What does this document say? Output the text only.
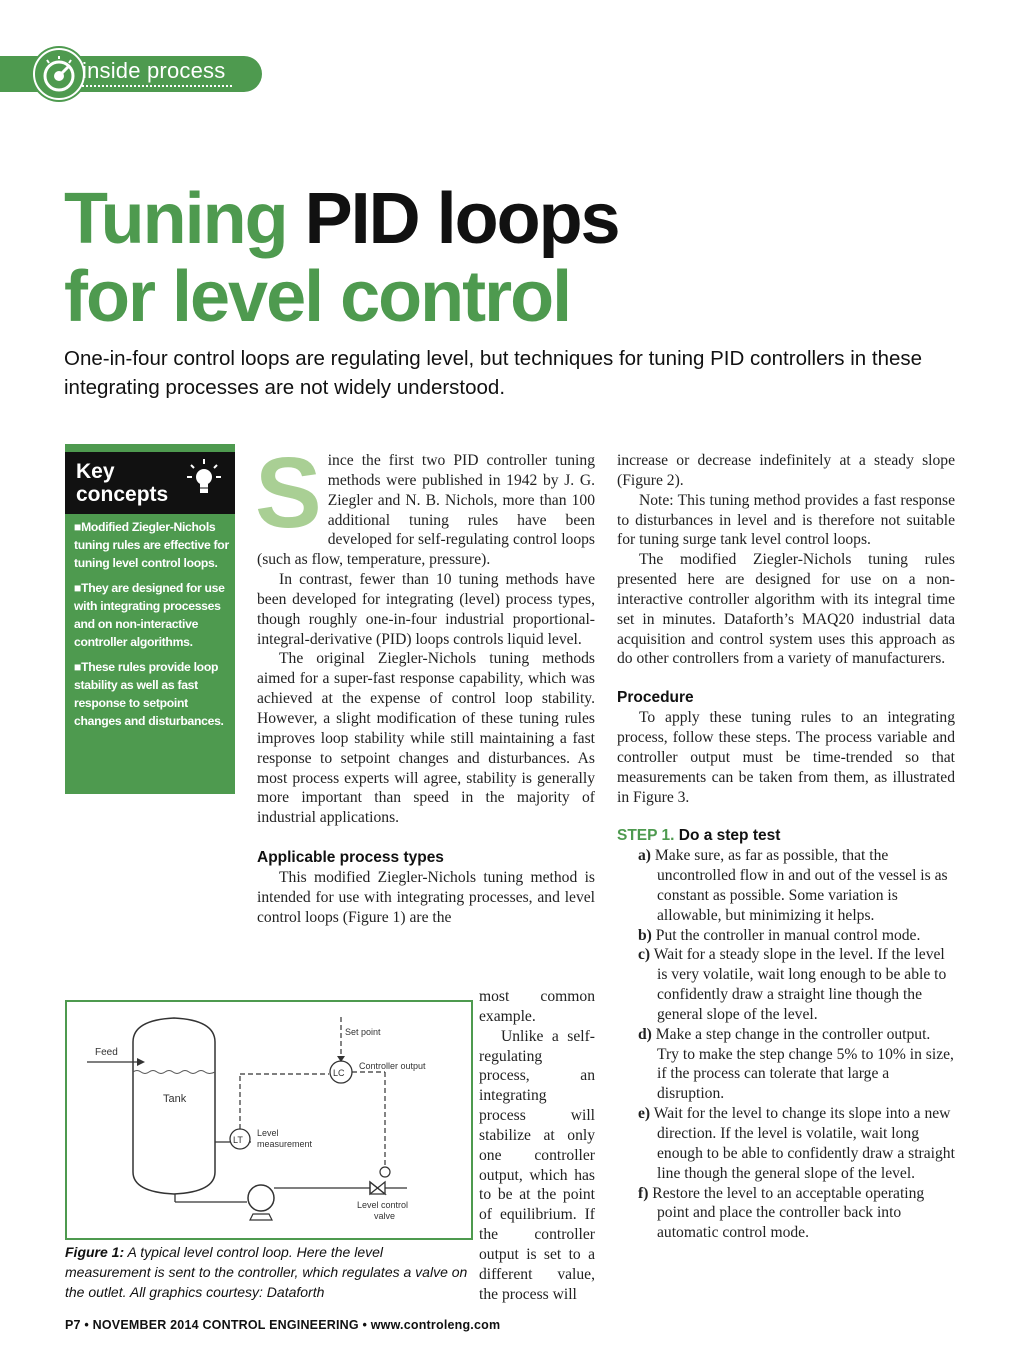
inside process
Tuning PID loops
for level control

One-in-four control loops are regulating level, but techniques for tuning PID controllers in these integrating processes are not widely understood.

Key
concepts

■ Modified Ziegler-Nichols tuning rules are effective for tuning level control loops.
■ They are designed for use with integrating processes and on non-interactive controller algorithms.
■ These rules provide loop stability as well as fast response to setpoint changes and disturbances.

Since the first two PID controller tuning methods were published in 1942 by J. G. Ziegler and N. B. Nichols, more than 100 additional tuning rules have been developed for self-regulating control loops (such as flow, temperature, pressure).

In contrast, fewer than 10 tuning methods have been developed for integrating (level) process types, though roughly one-in-four industrial proportional-integral-derivative (PID) loops controls liquid level.

The original Ziegler-Nichols tuning methods aimed for a super-fast response capability, which was achieved at the expense of control loop stability. However, a slight modification of these tuning rules improves loop stability while still maintaining a fast response to setpoint changes and disturbances. As most process experts will agree, stability is generally more important than speed in the majority of industrial applications.

Applicable process types

This modified Ziegler-Nichols tuning method is intended for use with integrating processes, and level control loops (Figure 1) are the

most common example.

Unlike a self-regulating process, an integrating process will stabilize at only one controller output, which has to be at the point of equilibrium. If the controller output is set to a different value, the process will

Tank
Feed
Level control
valve
LT
Level
measurement
LC
Set point
Controller output

Figure 1: A typical level control loop. Here the level measurement is sent to the controller, which regulates a valve on the outlet. All graphics courtesy: Dataforth

increase or decrease indefinitely at a steady slope (Figure 2).

Note: This tuning method provides a fast response to disturbances in level and is therefore not suitable for tuning surge tank level control loops.

The modified Ziegler-Nichols tuning rules presented here are designed for use on a non-interactive controller algorithm with its integral time set in minutes. Dataforth’s MAQ20 industrial data acquisition and control system uses this approach as do other controllers from a variety of manufacturers.

Procedure

To apply these tuning rules to an integrating process, follow these steps. The process variable and controller output must be time-trended so that measurements can be taken from them, as illustrated in Figure 3.

STEP 1. Do a step test

a) Make sure, as far as possible, that the uncontrolled flow in and out of the vessel is as constant as possible. Some variation is allowable, but minimizing it helps.
b) Put the controller in manual control mode.
c) Wait for a steady slope in the level. If the level is very volatile, wait long enough to be able to confidently draw a straight line though the general slope of the level.
d) Make a step change in the controller output. Try to make the step change 5% to 10% in size, if the process can tolerate that large a disruption.
e) Wait for the level to change its slope into a new direction. If the level is volatile, wait long enough to be able to confidently draw a straight line though the general slope of the level.
f) Restore the level to an acceptable operating point and place the controller back into automatic control mode.
P7 • NOVEMBER 2014 CONTROL ENGINEERING • www.controleng.com
